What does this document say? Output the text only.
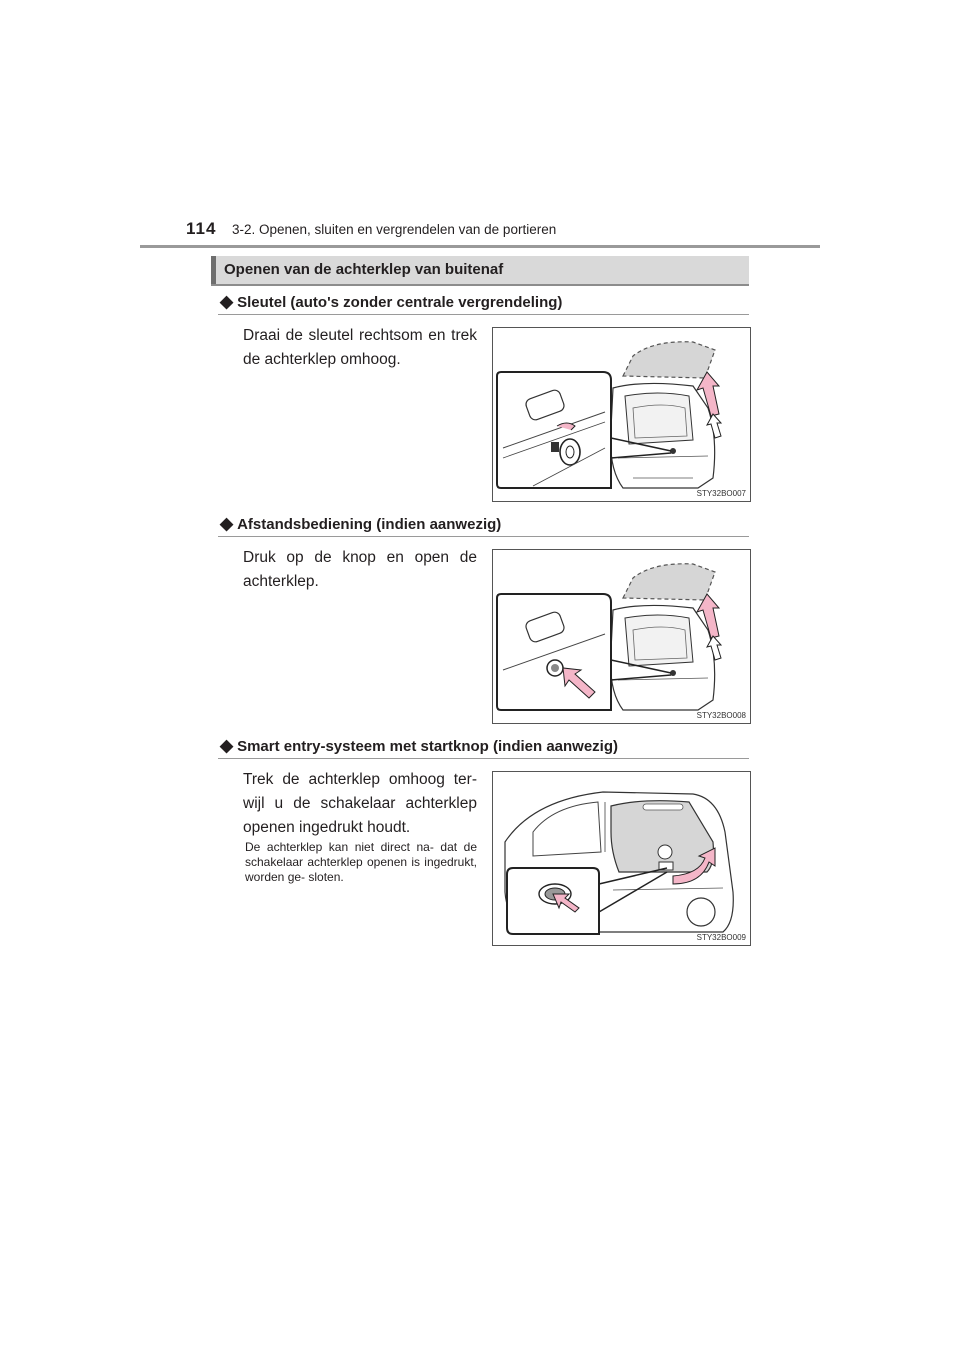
114 3-2. Openen, sluiten en vergrendelen van de portieren
Openen van de achterklep van buitenaf
◆ Sleutel (auto's zonder centrale vergrendeling)
Draai de sleutel rechtsom en trek de achterklep omhoog.
STY32BO007
◆ Afstandsbediening (indien aanwezig)
Druk op de knop en open de achterklep.
STY32BO008
◆ Smart entry-systeem met startknop (indien aanwezig)
Trek de achterklep omhoog ter- wijl u de schakelaar achterklep openen ingedrukt houdt.
De achterklep kan niet direct na- dat de schakelaar achterklep openen is ingedrukt, worden ge- sloten.
STY32BO009
